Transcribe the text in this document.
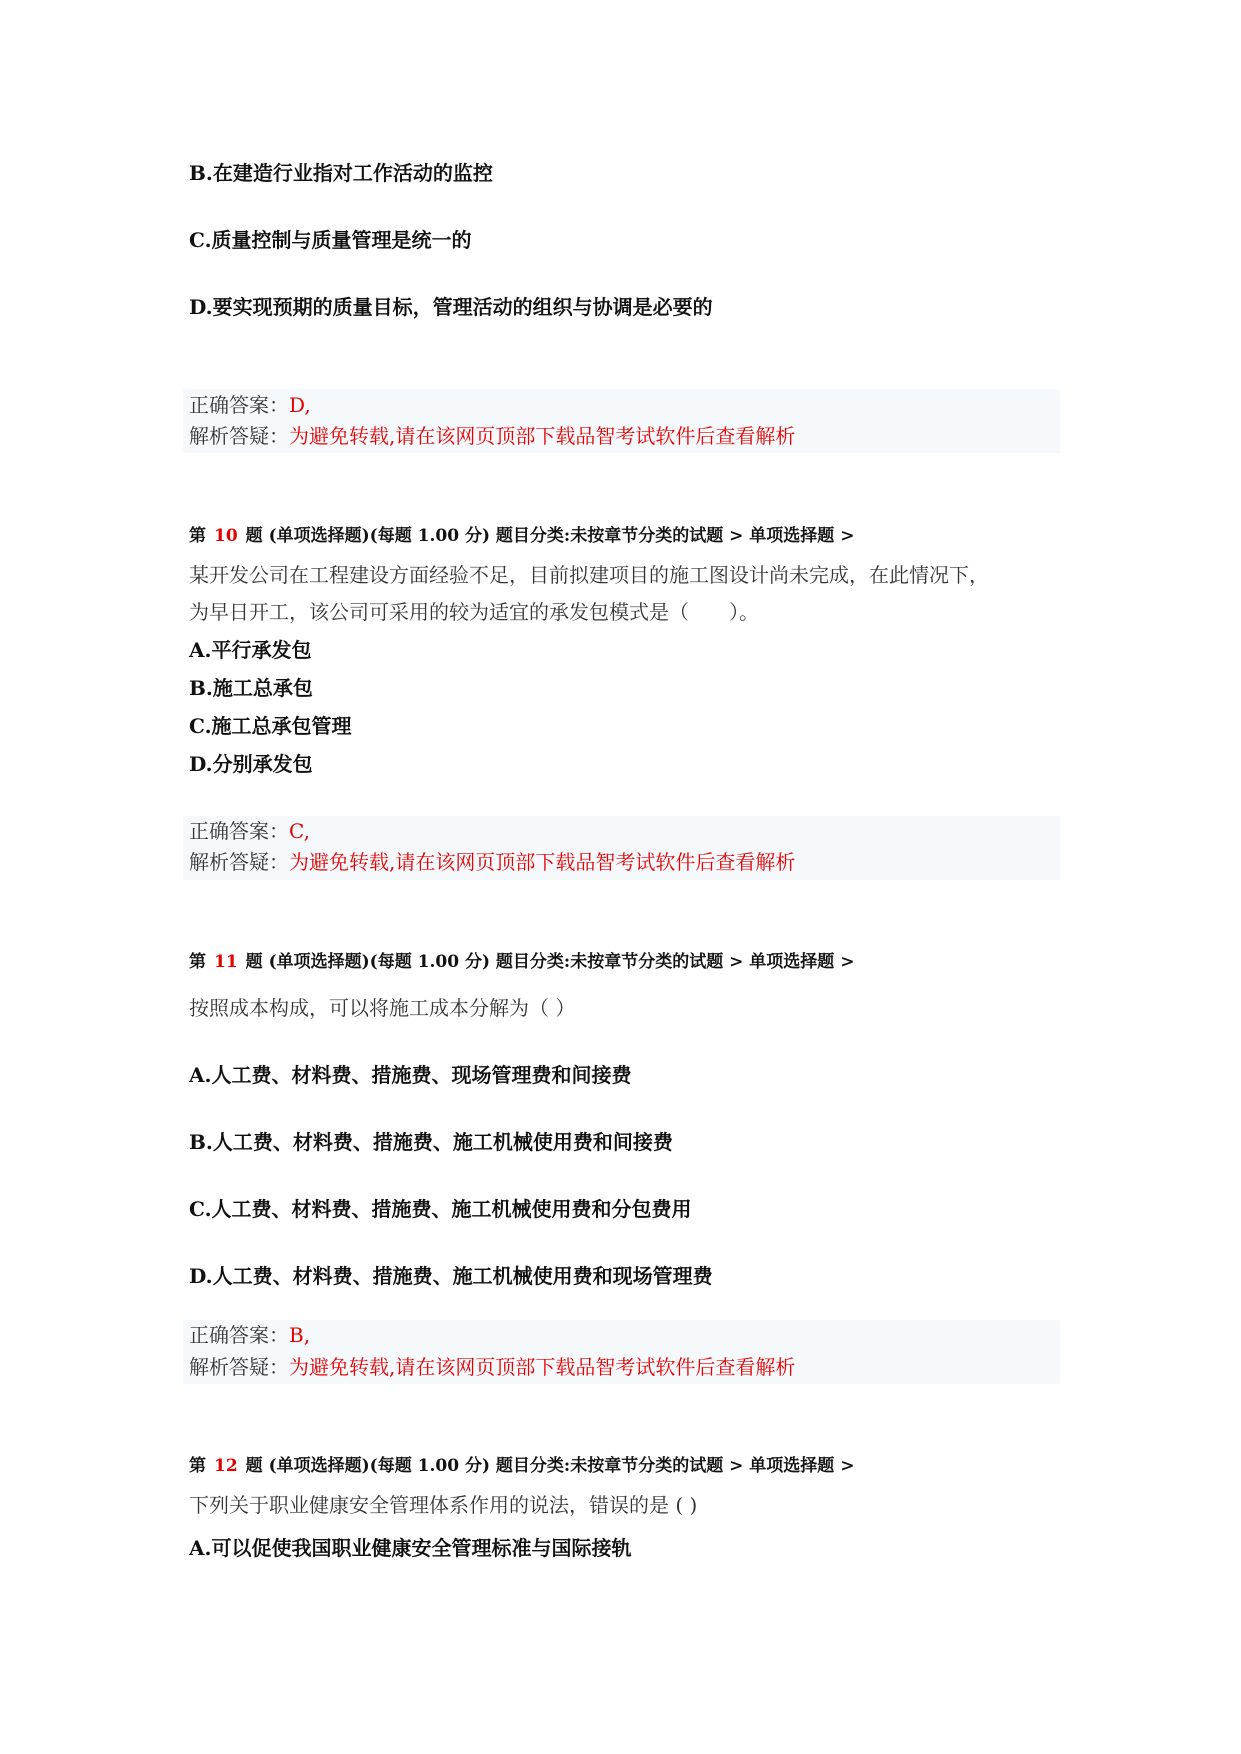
B.在建造行业指对工作活动的监控
C.质量控制与质量管理是统一的
D.要实现预期的质量目标，管理活动的组织与协调是必要的
正确答案：D,
解析答疑：为避免转载,请在该网页顶部下载品智考试软件后查看解析
第 10 题 (单项选择题)(每题 1.00 分) 题目分类:未按章节分类的试题 > 单项选择题 >
某开发公司在工程建设方面经验不足，目前拟建项目的施工图设计尚未完成，在此情况下，
为早日开工，该公司可采用的较为适宜的承发包模式是（　　）。
A.平行承发包
B.施工总承包
C.施工总承包管理
D.分别承发包
正确答案：C,
解析答疑：为避免转载,请在该网页顶部下载品智考试软件后查看解析
第 11 题 (单项选择题)(每题 1.00 分) 题目分类:未按章节分类的试题 > 单项选择题 >
按照成本构成，可以将施工成本分解为（ ）
A.人工费、材料费、措施费、现场管理费和间接费
B.人工费、材料费、措施费、施工机械使用费和间接费
C.人工费、材料费、措施费、施工机械使用费和分包费用
D.人工费、材料费、措施费、施工机械使用费和现场管理费
正确答案：B,
解析答疑：为避免转载,请在该网页顶部下载品智考试软件后查看解析
第 12 题 (单项选择题)(每题 1.00 分) 题目分类:未按章节分类的试题 > 单项选择题 >
下列关于职业健康安全管理体系作用的说法，错误的是 ( )
A.可以促使我国职业健康安全管理标准与国际接轨
